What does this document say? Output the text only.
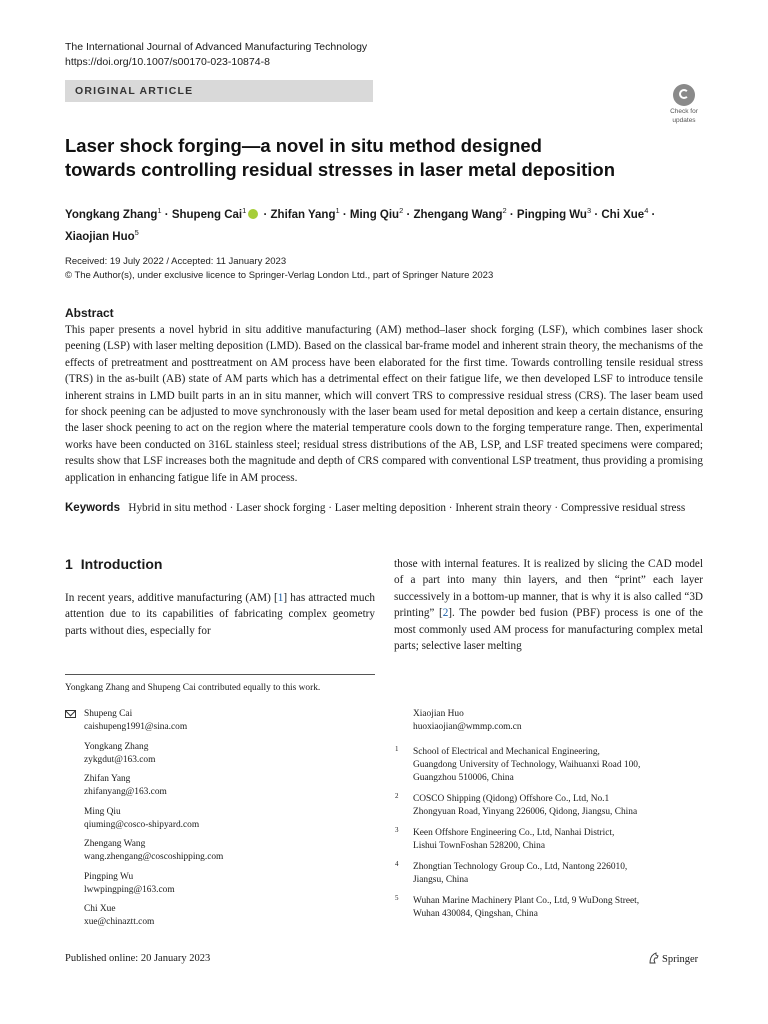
The International Journal of Advanced Manufacturing Technology
https://doi.org/10.1007/s00170-023-10874-8
ORIGINAL ARTICLE
Check for
updates
Laser shock forging—a novel in situ method designed
towards controlling residual stresses in laser metal deposition
Yongkang Zhang$^1$ · Shupeng Cai$^1$ · Zhifan Yang$^1$ · Ming Qiu$^2$ · Zhengang Wang$^2$ · Pingping $Wu^3$ · Chi Xue$^4$ ·
Xiaojian Huo$^5$
Received: 19 July 2022 / Accepted: 11 January 2023
© The Author(s), under exclusive licence to Springer-Verlag London Ltd., part of Springer Nature 2023
Abstract
This paper presents a novel hybrid in situ additive manufacturing (AM) method–laser shock forging (LSF), which combines laser shock peening (LSP) with laser melting deposition (LMD). Based on the classical bar-frame model and inherent strain theory, the mechanisms of the effects of pretreatment and posttreatment on AM process have been elaborated for the first time. Towards controlling tensile residual stress (TRS) in the as-built (AB) state of AM parts which has a detrimental effect on their fatigue life, we then developed LSF to introduce tensile inherent strains in LMD built parts in an in situ manner, which will convert TRS to compressive residual stress (CRS). The laser beam used for shock peening can be adjusted to move synchronously with the laser beam used for metal deposition and keep a certain distance, ensuring the laser shock peening to act on the region where the material temperature cools down to the forging temperature range. Then, experimental works have been conducted on 316L stainless steel; residual stress distributions of the AB, LSP, and LSF treated specimens were compared; results show that LSF increases both the magnitude and depth of CRS compared with conventional LSP treatment, thus providing a promising application in enhancing fatigue life in AM process.
Keywords Hybrid in situ method · Laser shock forging · Laser melting deposition · Inherent strain theory · Compressive residual stress
1 Introduction
In recent years, additive manufacturing (AM) [1] has attracted much attention due to its capabilities of fabricating complex geometry parts without dies, especially for
those with internal features. It is realized by slicing the CAD model of a part into many thin layers, and then “print” each layer successively in a bottom-up manner, that is why it is also called “3D printing” [2]. The powder bed fusion (PBF) process is one of the most commonly used AM process for manufacturing complex metal parts; selective laser melting
Yongkang Zhang and Shupeng Cai contributed equally to this work.
Shupeng Cai
caishupeng1991@sina.com
Yongkang Zhang
zykgdut@163.com
Zhifan Yang
zhifanyang@163.com
Ming Qiu
qiuming@cosco-shipyard.com
Zhengang Wang
wang.zhengang@coscoshipping.com
Pingping Wu
lwwpingping@163.com
Chi Xue
xue@chinaztt.com
Xiaojian Huo
huoxiaojian@wmmp.com.cn
1 School of Electrical and Mechanical Engineering,
Guangdong University of Technology, Waihuanxi Road 100,
Guangzhou 510006, China
2 COSCO Shipping (Qidong) Offshore Co., Ltd, No.1
Zhongyuan Road, Yinyang 226006, Qidong, Jiangsu, China
3 Keen Offshore Engineering Co., Ltd, Nanhai District,
Lishui TownFoshan 528200, China
4 Zhongtian Technology Group Co., Ltd, Nantong 226010,
Jiangsu, China
5 Wuhan Marine Machinery Plant Co., Ltd, 9 WuDong Street,
Wuhan 430084, Qingshan, China
Published online: 20 January 2023	Springer
